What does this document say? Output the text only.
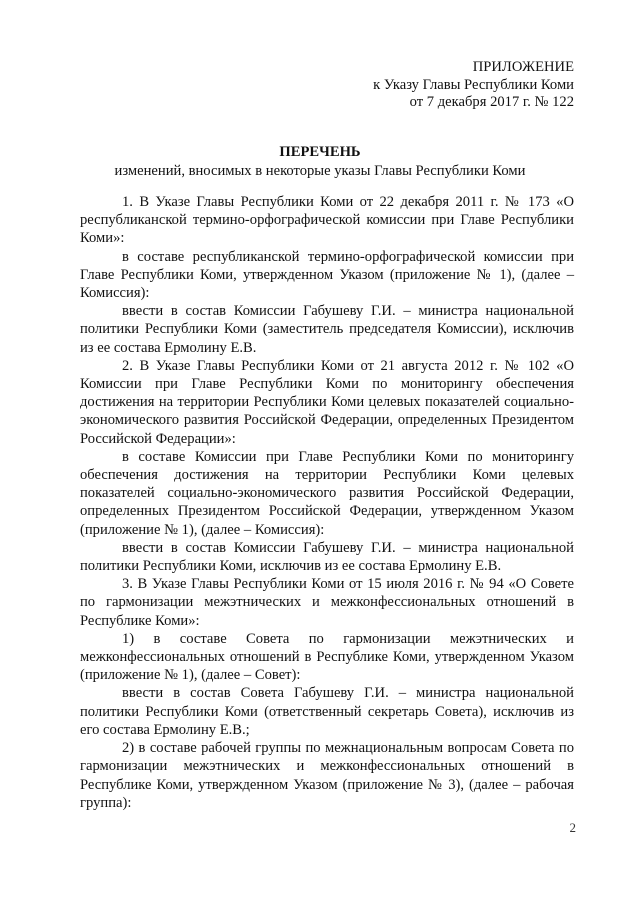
ПРИЛОЖЕНИЕ
к Указу Главы Республики Коми
от 7 декабря 2017 г. № 122
ПЕРЕЧЕНЬ
изменений, вносимых в некоторые указы Главы Республики Коми

1. В Указе Главы Республики Коми от 22 декабря 2011 г. № 173 «О республиканской термино-орфографической комиссии при Главе Республики Коми»:

в составе республиканской термино-орфографической комиссии при Главе Республики Коми, утвержденном Указом (приложение № 1), (далее – Комиссия):

ввести в состав Комиссии Габушеву Г.И. – министра национальной политики Республики Коми (заместитель председателя Комиссии), исключив из ее состава Ермолину Е.В.

2. В Указе Главы Республики Коми от 21 августа 2012 г. № 102 «О Комиссии при Главе Республики Коми по мониторингу обеспечения достижения на территории Республики Коми целевых показателей социально-экономического развития Российской Федерации, определенных Президентом Российской Федерации»:

в составе Комиссии при Главе Республики Коми по мониторингу обеспечения достижения на территории Республики Коми целевых показателей социально-экономического развития Российской Федерации, определенных Президентом Российской Федерации, утвержденном Указом (приложение № 1), (далее – Комиссия):

ввести в состав Комиссии Габушеву Г.И. – министра национальной политики Республики Коми, исключив из ее состава Ермолину Е.В.

3. В Указе Главы Республики Коми от 15 июля 2016 г. № 94 «О Совете по гармонизации межэтнических и межконфессиональных отношений в Республике Коми»:

1) в составе Совета по гармонизации межэтнических и межконфессиональных отношений в Республике Коми, утвержденном Указом (приложение № 1), (далее – Совет):

ввести в состав Совета Габушеву Г.И. – министра национальной политики Республики Коми (ответственный секретарь Совета), исключив из его состава Ермолину Е.В.;

2) в составе рабочей группы по межнациональным вопросам Совета по гармонизации межэтнических и межконфессиональных отношений в Республике Коми, утвержденном Указом (приложение № 3), (далее – рабочая группа):

2
